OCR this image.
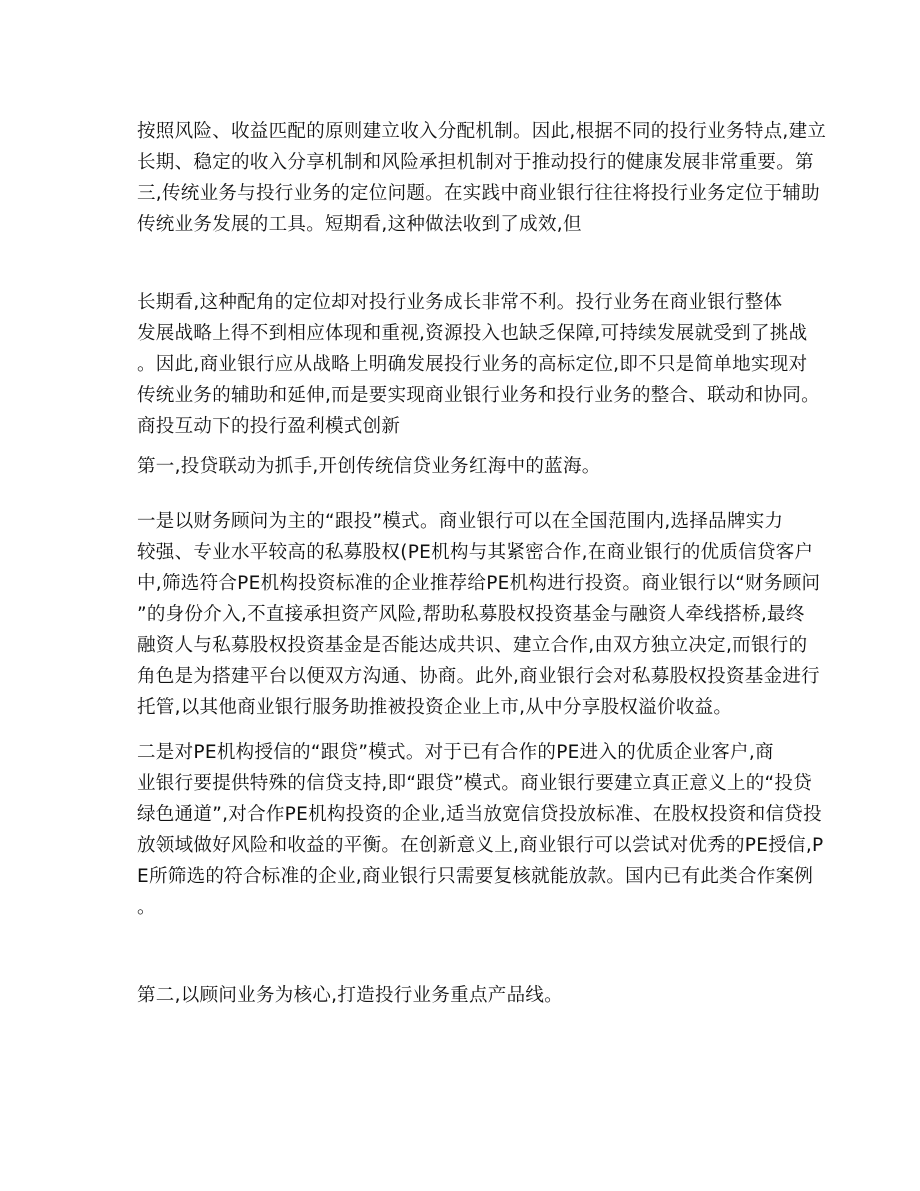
按照风险、收益匹配的原则建立收入分配机制。因此,根据不同的投行业务特点,建立
长期、稳定的收入分享机制和风险承担机制对于推动投行的健康发展非常重要。第
三,传统业务与投行业务的定位问题。在实践中商业银行往往将投行业务定位于辅助
传统业务发展的工具。短期看,这种做法收到了成效,但

长期看,这种配角的定位却对投行业务成长非常不利。投行业务在商业银行整体
发展战略上得不到相应体现和重视,资源投入也缺乏保障,可持续发展就受到了挑战
。因此,商业银行应从战略上明确发展投行业务的高标定位,即不只是简单地实现对
传统业务的辅助和延伸,而是要实现商业银行业务和投行业务的整合、联动和协同。
商投互动下的投行盈利模式创新

第一,投贷联动为抓手,开创传统信贷业务红海中的蓝海。

一是以财务顾问为主的“跟投”模式。商业银行可以在全国范围内,选择品牌实力
较强、专业水平较高的私募股权(PE机构与其紧密合作,在商业银行的优质信贷客户
中,筛选符合PE机构投资标准的企业推荐给PE机构进行投资。商业银行以“财务顾问
”的身份介入,不直接承担资产风险,帮助私募股权投资基金与融资人牵线搭桥,最终
融资人与私募股权投资基金是否能达成共识、建立合作,由双方独立决定,而银行的
角色是为搭建平台以便双方沟通、协商。此外,商业银行会对私募股权投资基金进行
托管,以其他商业银行服务助推被投资企业上市,从中分享股权溢价收益。

二是对PE机构授信的“跟贷”模式。对于已有合作的PE进入的优质企业客户,商
业银行要提供特殊的信贷支持,即“跟贷”模式。商业银行要建立真正意义上的“投贷
绿色通道”,对合作PE机构投资的企业,适当放宽信贷投放标准、在股权投资和信贷投
放领域做好风险和收益的平衡。在创新意义上,商业银行可以尝试对优秀的PE授信,P
E所筛选的符合标准的企业,商业银行只需要复核就能放款。国内已有此类合作案例
。

第二,以顾问业务为核心,打造投行业务重点产品线。
